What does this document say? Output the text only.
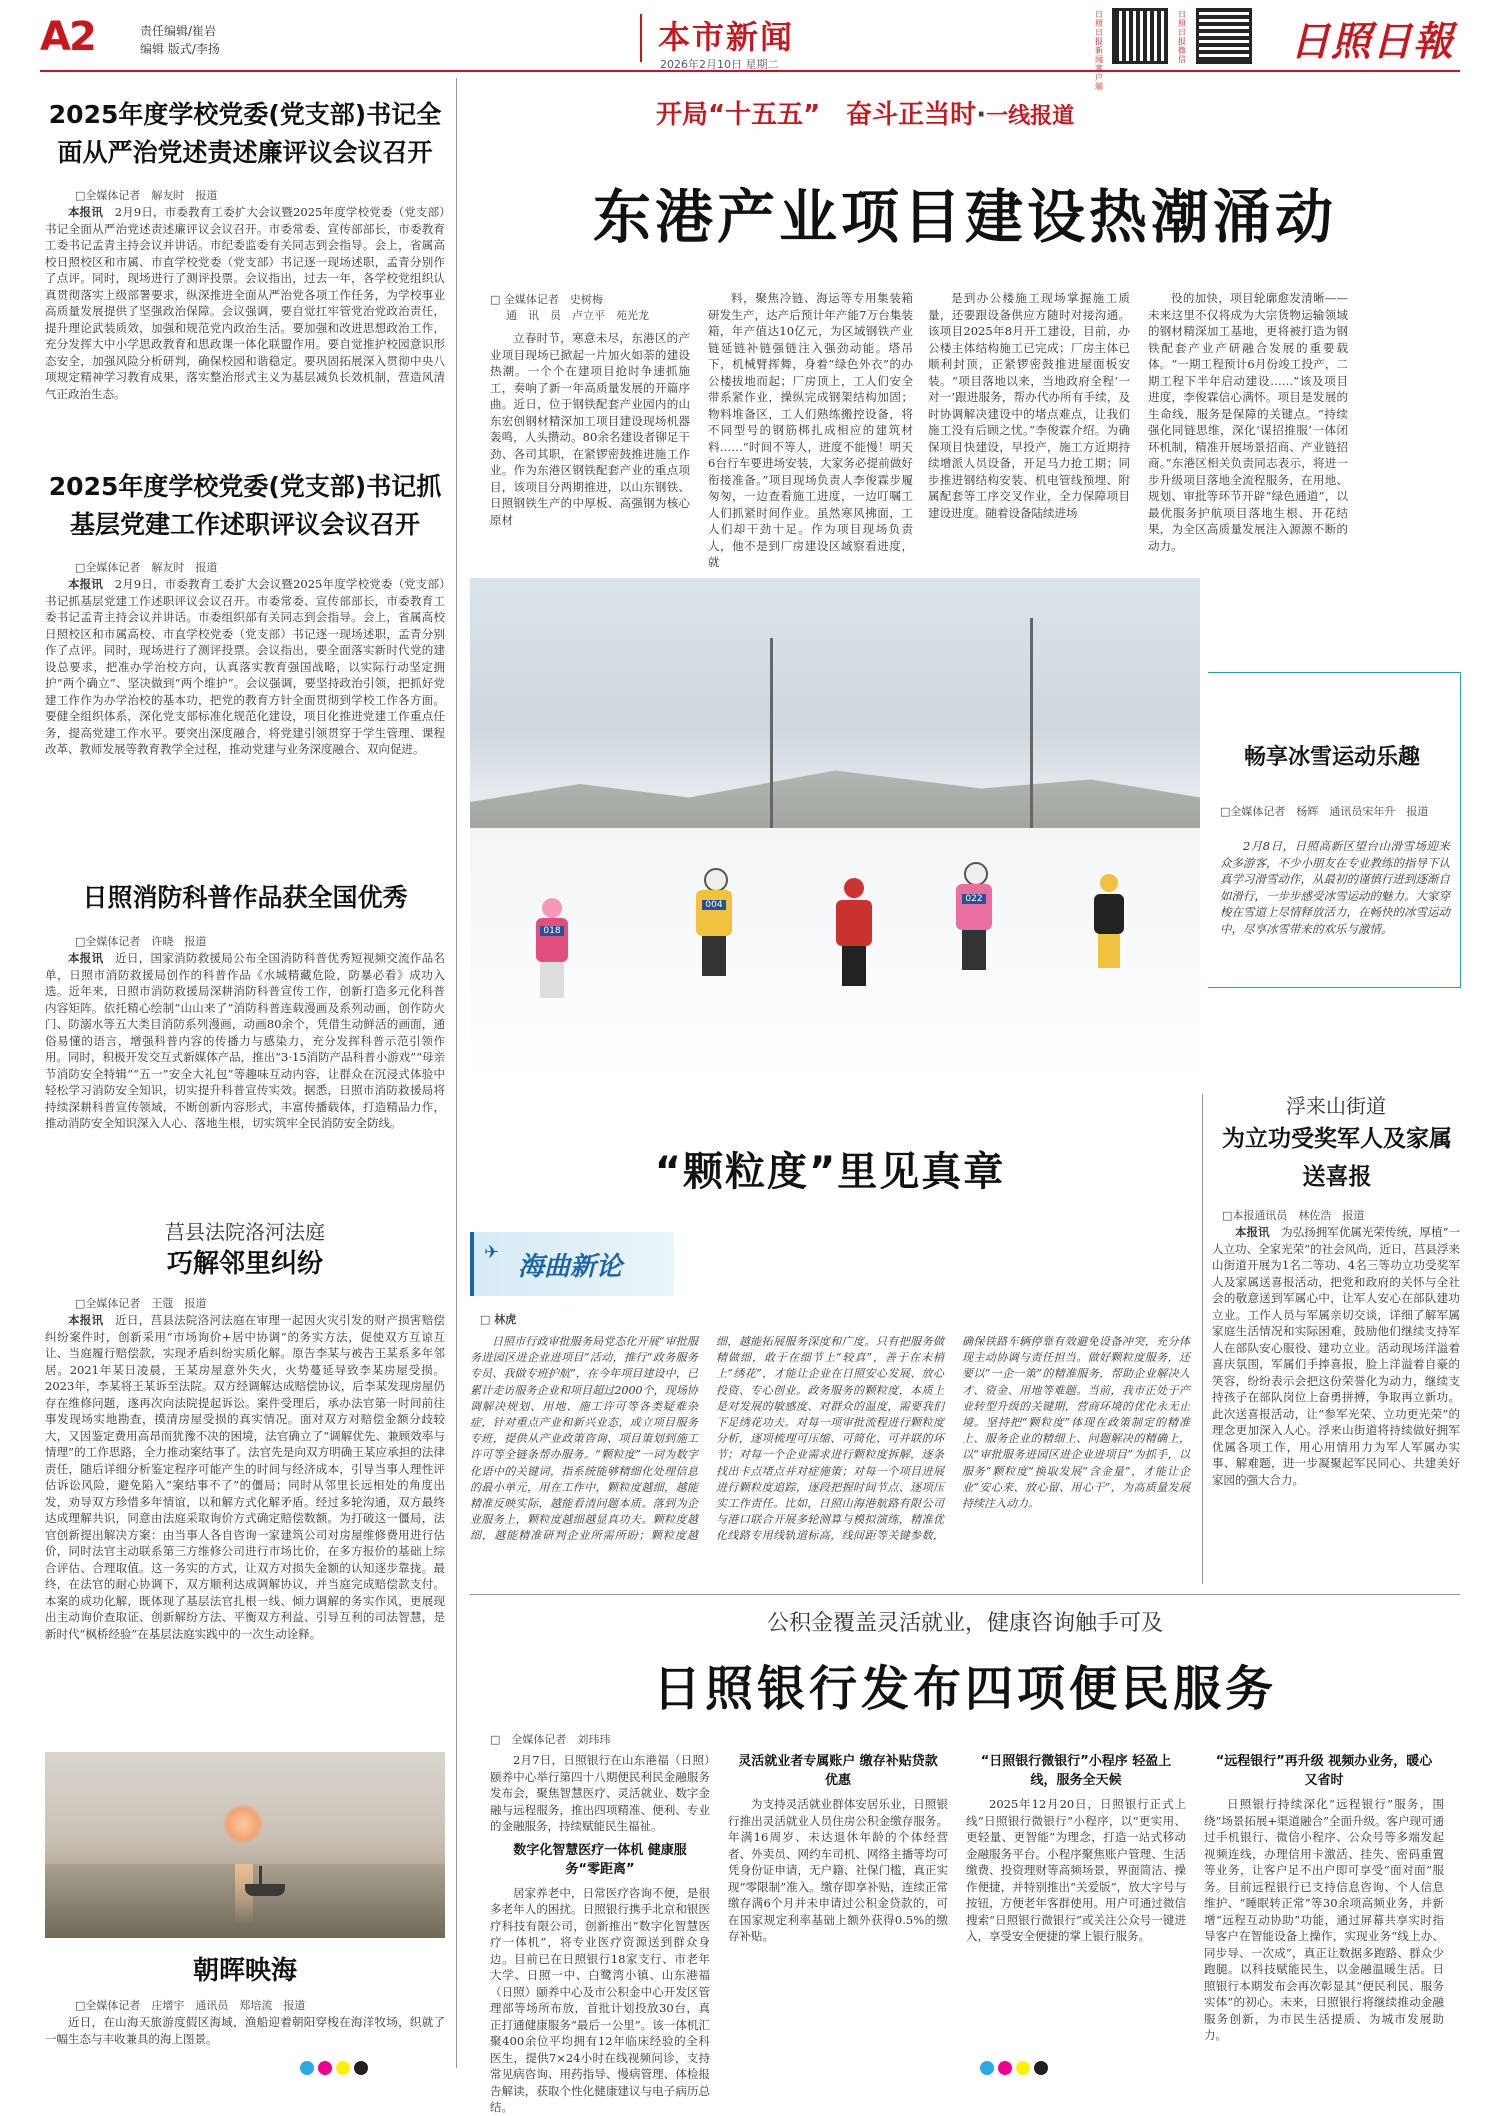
A2	责任编辑/崔岩
编辑 版式/李扬	本市新闻
2026年2月10日 星期二
日照日报新闻客户端
日照日报微信	日照日報
2025年度学校党委(党支部)书记全面从严治党述责述廉评议会议召开
□全媒体记者　解友时　报道

本报讯　 2月9日，市委教育工委扩大会议暨2025年度学校党委（党支部）书记全面从严治党述责述廉评议会议召开。市委常委、宣传部部长，市委教育工委书记孟青主持会议并讲话。市纪委监委有关同志到会指导。会上，省属高校日照校区和市属、市直学校党委（党支部）书记逐一现场述职，孟青分别作了点评。同时，现场进行了测评投票。会议指出，过去一年，各学校党组织认真贯彻落实上级部署要求，纵深推进全面从严治党各项工作任务，为学校事业高质量发展提供了坚强政治保障。会议强调，要自觉扛牢管党治党政治责任，提升理论武装质效，加强和规范党内政治生活。要加强和改进思想政治工作，充分发挥大中小学思政教育和思政课一体化联盟作用。要自觉推护校园意识形态安全，加强风险分析研判，确保校园和谐稳定。要巩固拓展深入贯彻中央八项规定精神学习教育成果，落实整治形式主义为基层减负长效机制，营造风清气正政治生态。

2025年度学校党委(党支部)书记抓基层党建工作述职评议会议召开
□全媒体记者　解友时　报道

本报讯　 2月9日，市委教育工委扩大会议暨2025年度学校党委（党支部）书记抓基层党建工作述职评议会议召开。市委常委、宣传部部长，市委教育工委书记孟青主持会议并讲话。市委组织部有关同志到会指导。会上，省属高校日照校区和市属高校、市直学校党委（党支部）书记逐一现场述职，孟青分别作了点评。同时，现场进行了测评投票。会议指出，要全面落实新时代党的建设总要求，把准办学治校方向，认真落实教育强国战略，以实际行动坚定拥护“两个确立”、坚决做到“两个维护”。会议强调，要坚持政治引领，把抓好党建工作作为办学治校的基本功，把党的教育方针全面贯彻到学校工作各方面。要健全组织体系，深化党支部标准化规范化建设，项目化推进党建工作重点任务，提高党建工作水平。要突出深度融合，将党建引领贯穿于学生管理、课程改革、教师发展等教育教学全过程，推动党建与业务深度融合、双向促进。

日照消防科普作品获全国优秀
□全媒体记者　许晓　报道

本报讯　 近日，国家消防救援局公布全国消防科普优秀短视频交流作品名单，日照市消防救援局创作的科普作品《水城精藏危险，防暴必看》成功入选。近年来，日照市消防救援局深耕消防科普宣传工作，创新打造多元化科普内容矩阵。依托精心绘制“山山来了”消防科普连载漫画及系列动画，创作防火门、防溺水等五大类目消防系列漫画，动画80余个，凭借生动鲜活的画面，通俗易懂的语言，增强科普内容的传播力与感染力，充分发挥科普示范引领作用。同时，积极开发交互式新媒体产品，推出“3·15消防产品科普小游戏”“母亲节消防安全特辑”“五一”安全大礼包”等趣味互动内容，让群众在沉浸式体验中轻松学习消防安全知识，切实提升科普宣传实效。据悉，日照市消防救援局将持续深耕科普宣传领域，不断创新内容形式，丰富传播载体，打造精品力作，推动消防安全知识深入人心、落地生根，切实筑牢全民消防安全防线。

莒县法院洛河法庭
巧解邻里纠纷
□全媒体记者　王蔻　报道

本报讯　 近日，莒县法院洛河法庭在审理一起因火灾引发的财产损害赔偿纠纷案件时，创新采用“市场询价+居中协调”的务实方法，促使双方互谅互让、当庭履行赔偿款，实现矛盾纠纷实质化解。原告李某与被告王某系多年邻居。2021年某日凌晨，王某房屋意外失火，火势蔓延导致李某房屋受损。2023年，李某将王某诉至法院。双方经调解达成赔偿协议，后李某发现房屋仍存在维修问题，遂再次向法院提起诉讼。案件受理后，承办法官第一时间前往事发现场实地勘查，摸清房屋受损的真实情况。面对双方对赔偿金额分歧较大，又因鉴定费用高昂而犹豫不决的困境，法官确立了“调解优先、兼顾效率与情理”的工作思路，全力推动案结事了。法官先是向双方明确王某应承担的法律责任，随后详细分析鉴定程序可能产生的时间与经济成本，引导当事人理性评估诉讼风险，避免陷入“案结事不了”的僵局；同时从邻里长远相处的角度出发，劝导双方珍惜多年情谊，以和解方式化解矛盾。经过多轮沟通，双方最终达成理解共识，同意由法庭采取询价方式确定赔偿数额。为打破这一僵局，法官创新提出解决方案：由当事人各自咨询一家建筑公司对房屋维修费用进行估价，同时法官主动联系第三方维修公司进行市场比价，在多方报价的基础上综合评估、合理取值。这一务实的方式，让双方对损失金额的认知逐步靠拢。最终，在法官的耐心协调下，双方顺利达成调解协议，并当庭完成赔偿款支付。本案的成功化解，既体现了基层法官扎根一线、倾力调解的务实作风，更展现出主动询价查取证、创新解纷方法、平衡双方利益、引导互利的司法智慧，是新时代“枫桥经验”在基层法庭实践中的一次生动诠释。

朝晖映海
□全媒体记者　庄增宇　通讯员　郑培流　报道

近日，在山海天旅游度假区海域，渔船迎着朝阳穿梭在海洋牧场，织就了一幅生态与丰收兼具的海上图景。

开局“十五五”　奋斗正当时·一线报道
东港产业项目建设热潮涌动
□ 全媒体记者　史树梅
通　讯　员　卢立平　苑光龙

立春时节，寒意未尽，东港区的产业项目现场已掀起一片加火如荼的建设热潮。一个个在建项目抢时争速抓施工，奏响了新一年高质量发展的开篇序曲。近日，位于钢铁配套产业园内的山东宏创钢材精深加工项目建设现场机器轰鸣，人头攒动。80余名建设者铆足干劲、各司其职，在紧锣密鼓推进施工作业。作为东港区钢铁配套产业的重点项目，该项目分两期推进，以山东钢铁、日照钢铁生产的中厚板、高强钢为核心原材

料，聚焦冷链、海运等专用集装箱研发生产，达产后预计年产能7万台集装箱，年产值达10亿元，为区域钢铁产业链延链补链强链注入强劲动能。塔吊下，机械臂挥舞，身着“绿色外衣”的办公楼拔地而起；厂房顶上，工人们安全带系紧作业，操纵完成钢架结构加固；物料堆备区，工人们熟练搬控设备，将不同型号的钢筋梆扎成相应的建筑材料……“时间不等人，进度不能慢！明天6台行车要进场安装，大家务必提前做好衔接准备。”项目现场负责人李俊霖步履匆匆，一边查看施工进度，一边叮嘱工人们抓紧时间作业。虽然寒风拂面，工人们却干劲十足。作为项目现场负责人，他不是到厂房建设区域察看进度，就

是到办公楼施工现场掌握施工质量，还要跟设备供应方随时对接沟通。该项目2025年8月开工建设，目前，办公楼主体结构施工已完成；厂房主体已顺利封顶，正紧锣密鼓推进屋面板安装。“项目落地以来，当地政府全程‘一对一’跟进服务，帮办代办所有手续，及时协调解决建设中的堵点难点，让我们施工没有后顾之忧。”李俊霖介绍。为确保项目快建设，早投产，施工方近期持续增派人员设备，开足马力抢工期；同步推进钢结构安装、机电管线预埋、附属配套等工序交叉作业，全力保障项目建设进度。随着设备陆续进场

役的加快，项目轮廓愈发清晰——未来这里不仅将成为大宗货物运输领域的钢材精深加工基地，更将被打造为钢铁配套产业产研融合发展的重要载体。“一期工程预计6月份竣工投产，二期工程下半年启动建设……”该及项目进度，李俊霖信心满怀。项目是发展的生命线，服务是保障的关键点。“持续强化同链思维，深化‘谋招推服’一体闭环机制，精准开展场景招商、产业链招商。”东港区相关负责同志表示，将进一步升级项目落地全流程服务，在用地、规划、审批等环节开辟“绿色通道”，以最优服务护航项目落地生根、开花结果，为全区高质量发展注入源源不断的动力。

018
004
022
畅享冰雪运动乐趣
□全媒体记者　杨辉　通讯员宋年升　报道

2月8日，日照高新区望台山滑雪场迎来众多游客，不少小朋友在专业教练的指导下认真学习滑雪动作，从最初的谨慎行进到逐渐自如滑行，一步步感受冰雪运动的魅力。大家穿梭在雪道上尽情释放活力，在畅快的冰雪运动中，尽享冰雪带来的欢乐与激情。

“颗粒度”里见真章
✈ 海曲新论
□ 林虎

日照市行政审批服务局党态化开展“审批服务进园区进企业进项目”活动，推行“政务服务专员、我做专班护航”，在今年项目建设中，已累计走访服务企业和项目超过2000个，现场协调解决规划、用地、施工许可等各类疑难杂症，针对重点产业和新兴业态，成立项目服务专班，提供从产业政策咨询、项目策划到施工许可等全链条帮办服务。“颗粒度”一词为数字化语中的关键词，指系统能够精细化处理信息的最小单元，用在工作中，颗粒度越细，越能精准反映实际，越能看清问题本质。落到为企业服务上，颗粒度越细越显真功夫。颗粒度越细，越能精准研判企业所需所盼；颗粒度越细，越能拓展服务深度和广度。只有把服务做精做细，敢于在细节上“较真”，善于在末梢上“绣花”，才能让企业在日照安心发展、放心投资、专心创业。政务服务的颗粒度，本质上是对发展的敏感度、对群众的温度，需要我们下足绣花功夫。对每一项审批流程进行颗粒度分析，逐项梳理可压缩、可简化、可并联的环节；对每一个企业需求进行颗粒度拆解，逐条找出卡点堵点并对症施策；对每一个项目进展进行颗粒度追踪，逐段把握时间节点、逐项压实工作责任。比如，日照山海港航路有限公司与港口联合开展多轮测算与模拟演练，精准优化线路专用线轨道标高，线间距等关键参数，确保铁路车辆停靠有效避免设备冲突，充分体现主动协调与责任担当。做好颗粒度服务，还要以“一企一策”的精准服务，帮助企业解决人才、资金、用地等难题。当前，我市正处于产业转型升级的关键期，营商环境的优化永无止境。坚持把“颗粒度”体现在政策制定的精准上、服务企业的精细上、问题解决的精确上，以“审批服务进园区进企业进项目”为抓手，以服务“颗粒度”换取发展“含金量”，才能让企业“安心来、放心留、用心干”，为高质量发展持续注入动力。

浮来山街道
为立功受奖军人及家属送喜报
□本报通讯员　林佐浩　报道

本报讯　 为弘扬拥军优属光荣传统，厚植“一人立功、全家光荣”的社会风尚，近日，莒县浮来山街道开展为1名二等功、4名三等功立功受奖军人及家属送喜报活动，把党和政府的关怀与全社会的敬意送到军属心中，让军人安心在部队建功立业。工作人员与军属亲切交谈，详细了解军属家庭生活情况和实际困难，鼓励他们继续支持军人在部队安心服役、建功立业。活动现场洋溢着喜庆氛围，军属们手捧喜报，脸上洋溢着自豪的笑容，纷纷表示会把这份荣誉化为动力，继续支持孩子在部队岗位上奋勇拼搏，争取再立新功。此次送喜报活动，让“参军光荣、立功更光荣”的理念更加深入人心。浮来山街道将持续做好拥军优属各项工作，用心用情用力为军人军属办实事、解难题，进一步凝聚起军民同心、共建美好家园的强大合力。

公积金覆盖灵活就业，健康咨询触手可及
日照银行发布四项便民服务
□　全媒体记者　刘玮玮

2月7日，日照银行在山东港福（日照）颐养中心举行第四十八期便民利民金融服务发布会，聚焦智慧医疗、灵活就业、数字金融与远程服务，推出四项精准、便利、专业的金融服务，持续赋能民生福祉。

数字化智慧医疗一体机 健康服务“零距离”

居家养老中，日常医疗咨询不便，是很多老年人的困扰。日照银行携手北京和银医疗科技有限公司，创新推出“数字化智慧医疗一体机”，将专业医疗资源送到群众身边。目前已在日照银行18家支行、市老年大学、日照一中、白鹭湾小镇、山东港福（日照）颐养中心及市公积金中心开发区管理部等场所布放，首批计划投放30台，真正打通健康服务“最后一公里”。该一体机汇聚400余位平均拥有12年临床经验的全科医生，提供7×24小时在线视频问诊，支持常见病咨询、用药指导、慢病管理、体检报告解读，获取个性化健康建议与电子病历总结。

灵活就业者专属账户 缴存补贴贷款优惠

为支持灵活就业群体安居乐业，日照银行推出灵活就业人员住房公积金缴存服务。年满16周岁、未达退休年龄的个体经营者、外卖员、网约车司机、网络主播等均可凭身份证申请，无户籍、社保门槛，真正实现“零限制”准入。缴存即享补贴，连续正常缴存满6个月并未申请过公积金贷款的，可在国家规定利率基础上额外获得0.5%的缴存补贴。

“日照银行微银行”小程序 轻盈上线，服务全天候

2025年12月20日，日照银行正式上线“日照银行微银行”小程序，以“更实用、更轻量、更智能”为理念，打造一站式移动金融服务平台。小程序聚焦账户管理、生活缴费、投资理财等高频场景，界面简洁、操作便捷，并特别推出“关爱版”，放大字号与按钮，方便老年客群使用。用户可通过微信搜索“日照银行微银行”或关注公众号一键进入，享受安全便捷的掌上银行服务。

“远程银行”再升级 视频办业务，暖心又省时

日照银行持续深化“远程银行”服务，围绕“场景拓展+渠道融合”全面升级。客户现可通过手机银行、微信小程序、公众号等多端发起视频连线，办理信用卡激活、挂失、密码重置等业务，让客户足不出户即可享受“面对面”服务。目前远程银行已支持信息咨询、个人信息维护、“睡眠转正常”等30余项高频业务，并新增“远程互动协助”功能，通过屏幕共享实时指导客户在智能设备上操作，实现业务“线上办、同步导、一次成”，真正让数据多跑路、群众少跑腿。以科技赋能民生，以金融温暖生活。日照银行本期发布会再次彰显其“便民利民、服务实体”的初心。未来，日照银行将继续推动金融服务创新，为市民生活提质、为城市发展助力。
